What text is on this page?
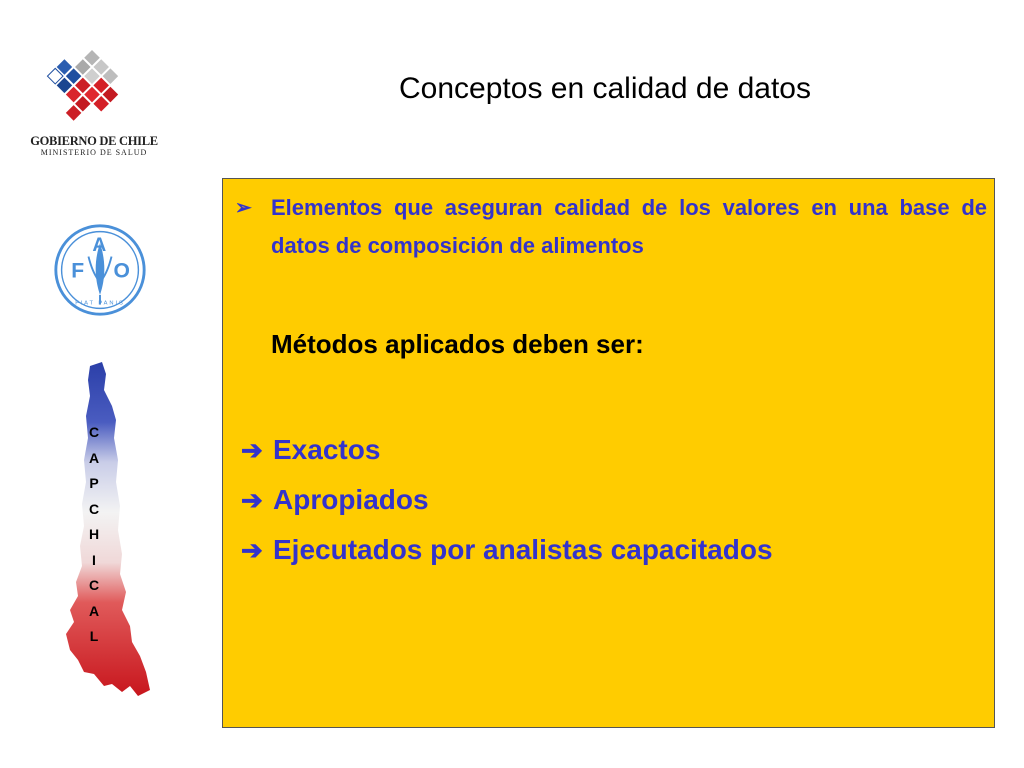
GOBIERNO DE CHILE
MINISTERIO DE SALUD
F
A
O
FIAT PANIS
C
A
P
C
H
I
C
A
L
Conceptos en calidad de datos
➢ Elementos que aseguran calidad de los valores en una base de datos de composición de alimentos
Métodos aplicados deben ser:
➔ Exactos
➔ Apropiados
➔ Ejecutados por analistas capacitados
